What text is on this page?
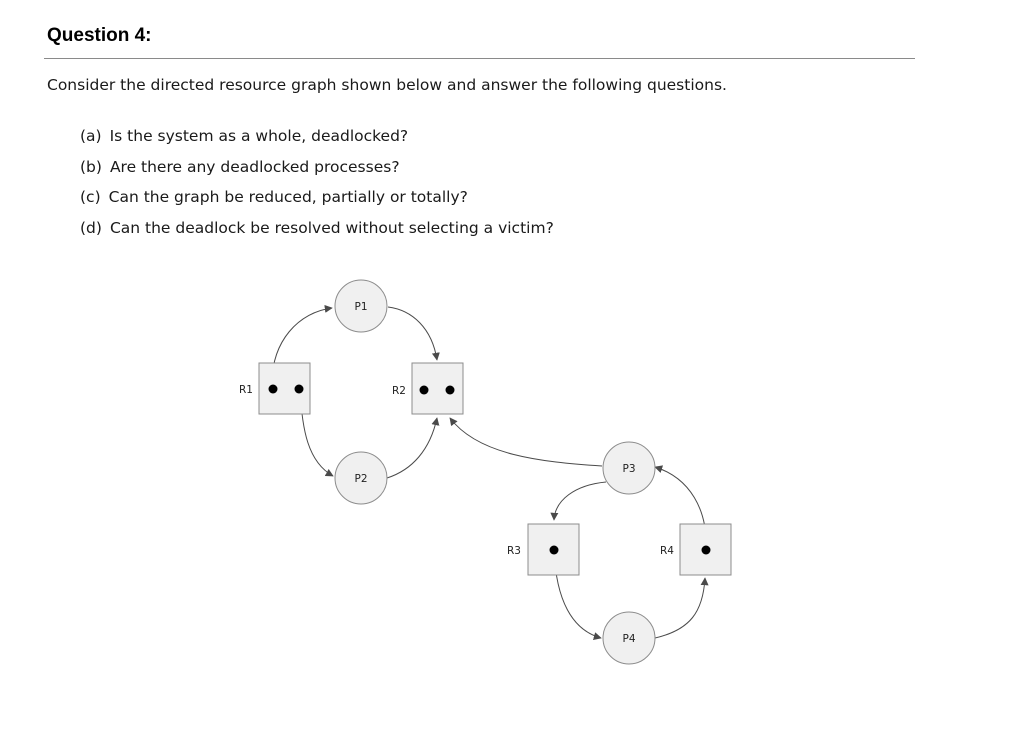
Question 4:

Consider the directed resource graph shown below and answer the following questions.

(a) Is the system as a whole, deadlocked?
(b) Are there any deadlocked processes?
(c) Can the graph be reduced, partially or totally?
(d) Can the deadlock be resolved without selecting a victim?
R1	R2
R3	R4
P1
P2
P3
P4
